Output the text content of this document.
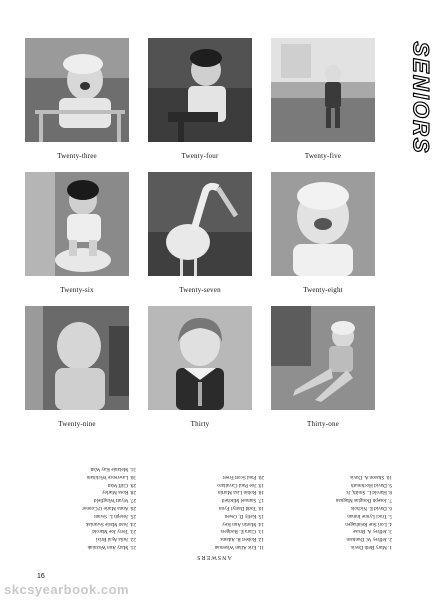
SENIORS
Twenty-three	Twenty-four	Twenty-five
Twenty-six	Twenty-seven	Twenty-eight
Twenty-nine	Thirty	Thirty-one
ANSWERS
1. Mary Beth Davis
2. Jeffrey W. Dunham
3. Jeffrey A. Bruse
4. Lori Sue Reinhagen
5. Traci Lynne Inman
6. David E. Nichols
7. Joseph Douglas Magnan
8. Harold L. Smith, Jr.
9. David Hochmuth
10. Sharon A. Davis
11. Eric Allan Wiseman
12. Robert R. Adams
13. Clara E. Rodgers
14. Martin Ann Key
15. Kelly D. Owen
16. Todd Darryl Fynn
17. Samuel Mitchell
18. Robin Lisa Martin
19. Joe Paul Cavallaro
20. Paul Scott Freet
21. Mary Ann Wozniak
22. Julia Ayal Brixi
23. Terry Joe Marold
24. Joan Marie Swaniak
25. Joseph L. Swant
26. Anna Marie O'Connor
27. Wyatt Wingfield
28. Ross Marley
29. Cliff Watt
30. Lawrence Wickham
31. Melanie Kay Watt
16
skcsyearbook.com
